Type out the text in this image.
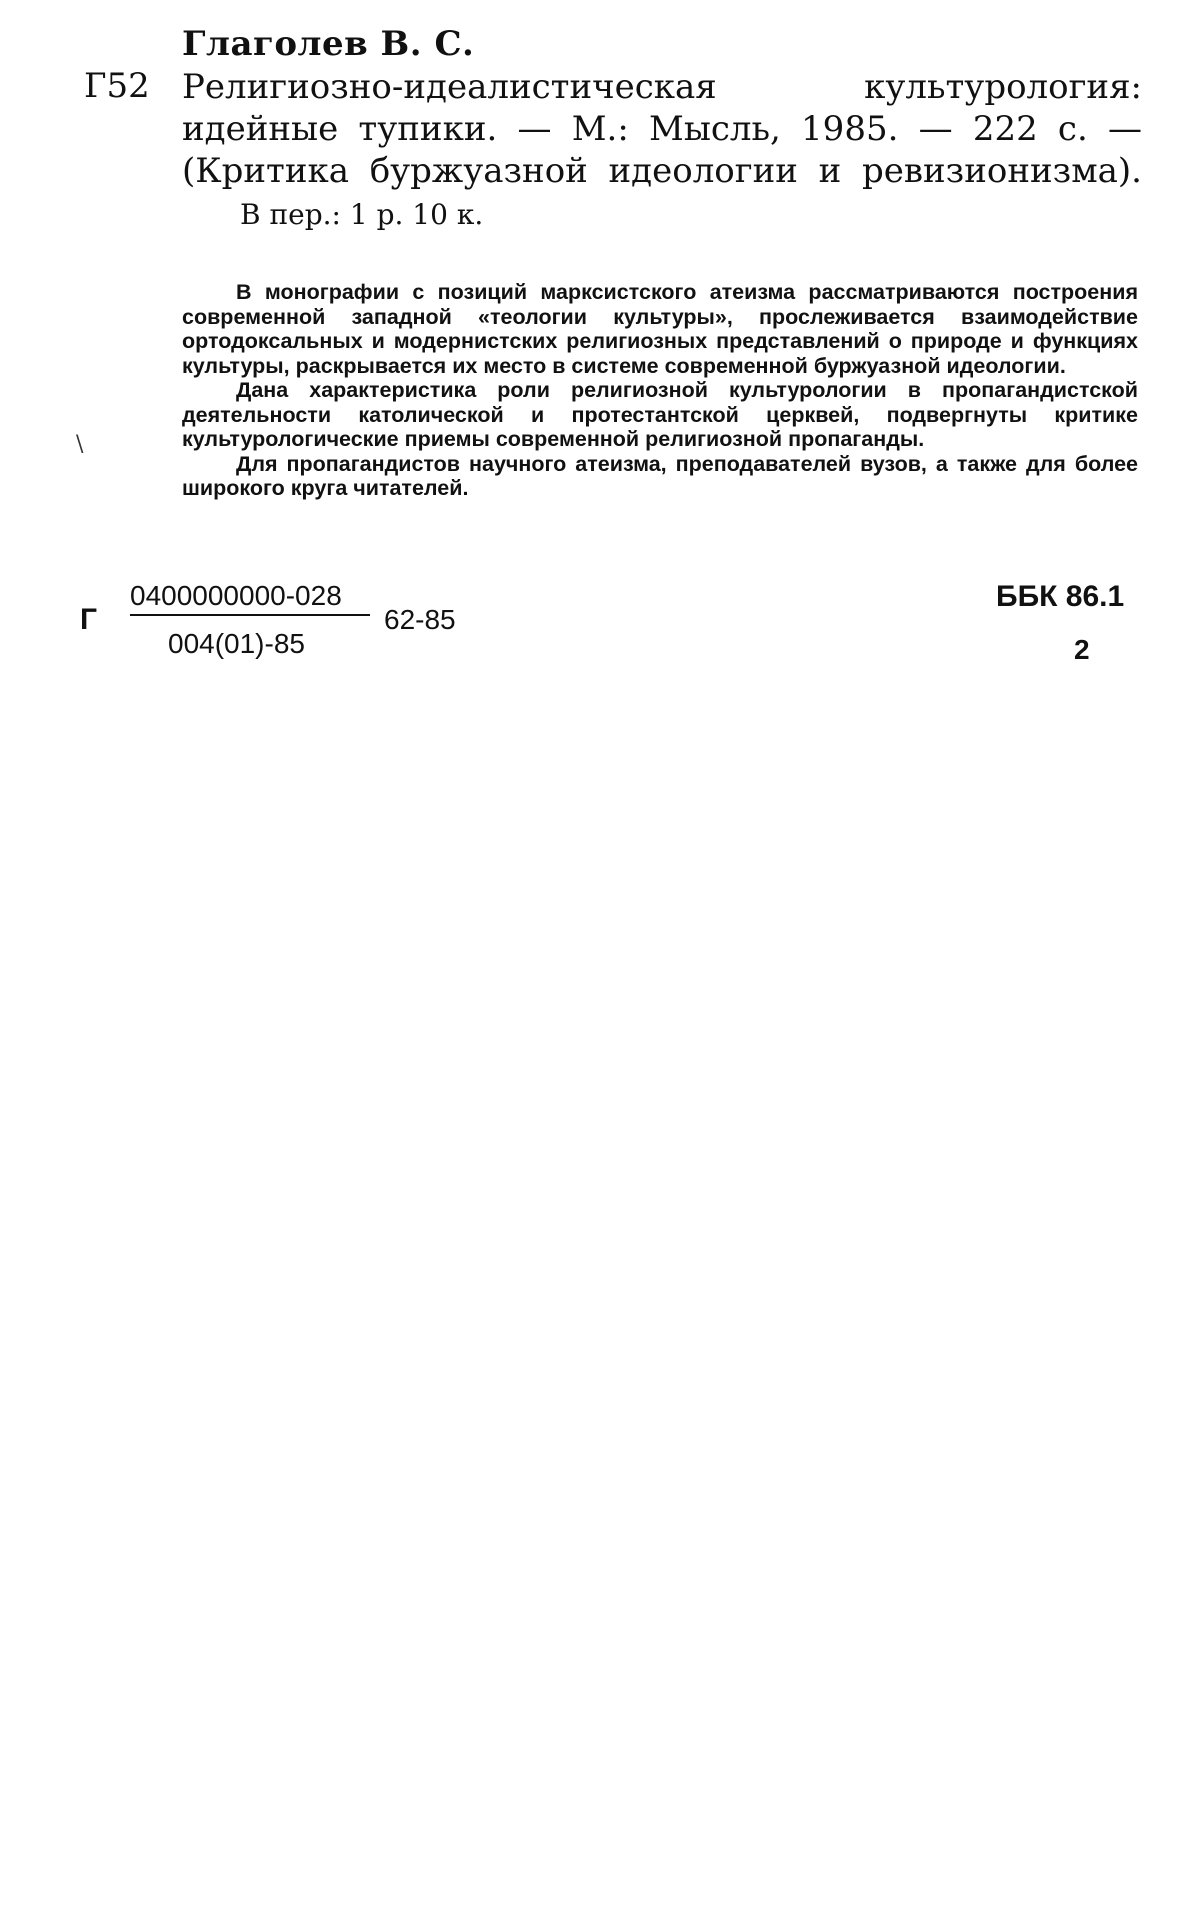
Глаголев В. С.
Г52 Религиозно-идеалистическая культурология:
идейные тупики. — М.: Мысль, 1985. — 222 с. —
(Критика буржуазной идеологии и ревизионизма).
В пер.: 1 р. 10 к.

В монографии с позиций марксистского атеизма рассматриваются построения современной западной «теологии культуры», прослеживается взаимодействие ортодоксальных и модернистских религиозных представлений о природе и функциях культуры, раскрывается их место в системе современной буржуазной идеологии.

Дана характеристика роли религиозной культурологии в пропагандистской деятельности католической и протестантской церквей, подвергнуты критике культурологические приемы современной религиозной пропаганды.

Для пропагандистов научного атеизма, преподавателей вузов, а также для более широкого круга читателей.

\
Г
0400000000-028
004(01)-85
62-85
ББК 86.1
2
